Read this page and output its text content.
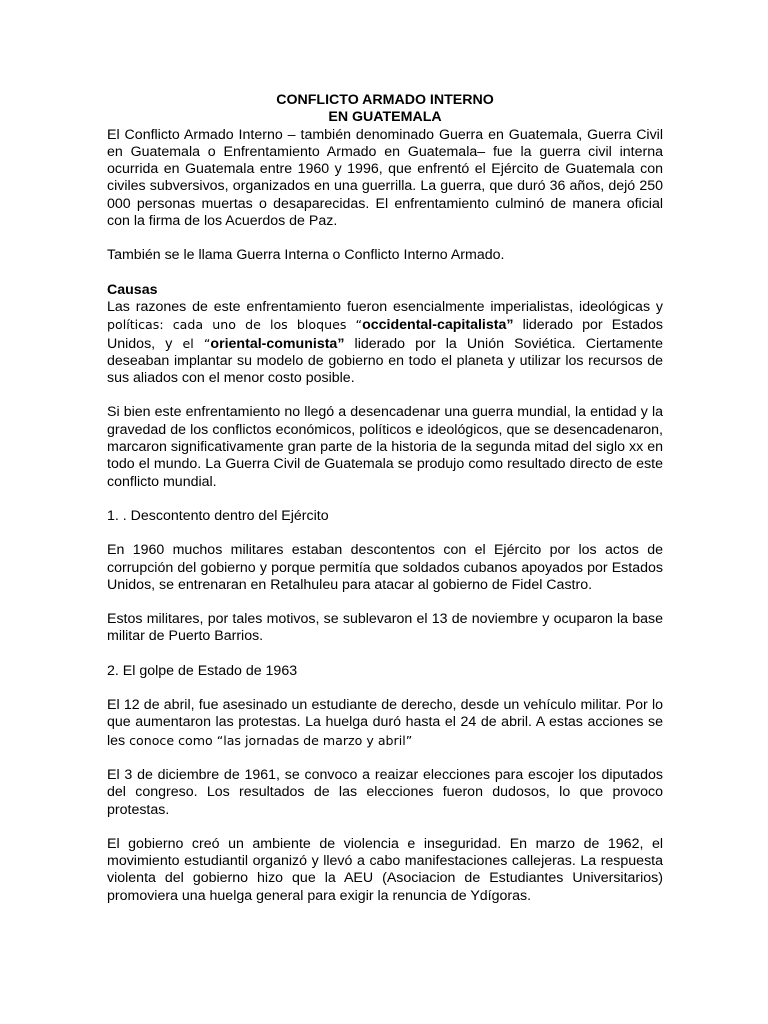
CONFLICTO ARMADO INTERNO

EN GUATEMALA

El Conflicto Armado Interno – también denominado Guerra en Guatemala, Guerra Civil en Guatemala o Enfrentamiento Armado en Guatemala– fue la guerra civil interna ocurrida en Guatemala entre 1960 y 1996, que enfrentó el Ejército de Guatemala con civiles subversivos, organizados en una guerrilla. La guerra, que duró 36 años, dejó 250 000 personas muertas o desaparecidas. El enfrentamiento culminó de manera oficial con la firma de los Acuerdos de Paz.

También se le llama Guerra Interna o Conflicto Interno Armado.

Causas

Las razones de este enfrentamiento fueron esencialmente imperialistas, ideológicas y políticas: cada uno de los bloques “occidental-capitalista” liderado por Estados Unidos, y el “oriental-comunista” liderado por la Unión Soviética. Ciertamente deseaban implantar su modelo de gobierno en todo el planeta y utilizar los recursos de sus aliados con el menor costo posible.

Si bien este enfrentamiento no llegó a desencadenar una guerra mundial, la entidad y la gravedad de los conflictos económicos, políticos e ideológicos, que se desencadenaron, marcaron significativamente gran parte de la historia de la segunda mitad del siglo xx en todo el mundo. La Guerra Civil de Guatemala se produjo como resultado directo de este conflicto mundial.

1. . Descontento dentro del Ejército

En 1960 muchos militares estaban descontentos con el Ejército por los actos de corrupción del gobierno y porque permitía que soldados cubanos apoyados por Estados Unidos, se entrenaran en Retalhuleu para atacar al gobierno de Fidel Castro.

Estos militares, por tales motivos, se sublevaron el 13 de noviembre y ocuparon la base militar de Puerto Barrios.

2. El golpe de Estado de 1963

El 12 de abril, fue asesinado un estudiante de derecho, desde un vehículo militar. Por lo que aumentaron las protestas. La huelga duró hasta el 24 de abril. A estas acciones se les conoce como “las jornadas de marzo y abril”

El 3 de diciembre de 1961, se convoco a reaizar elecciones para escojer los diputados del congreso. Los resultados de las elecciones fueron dudosos, lo que provoco protestas.

El gobierno creó un ambiente de violencia e inseguridad. En marzo de 1962, el movimiento estudiantil organizó y llevó a cabo manifestaciones callejeras. La respuesta violenta del gobierno hizo que la AEU (Asociacion de Estudiantes Universitarios) promoviera una huelga general para exigir la renuncia de Ydígoras.
